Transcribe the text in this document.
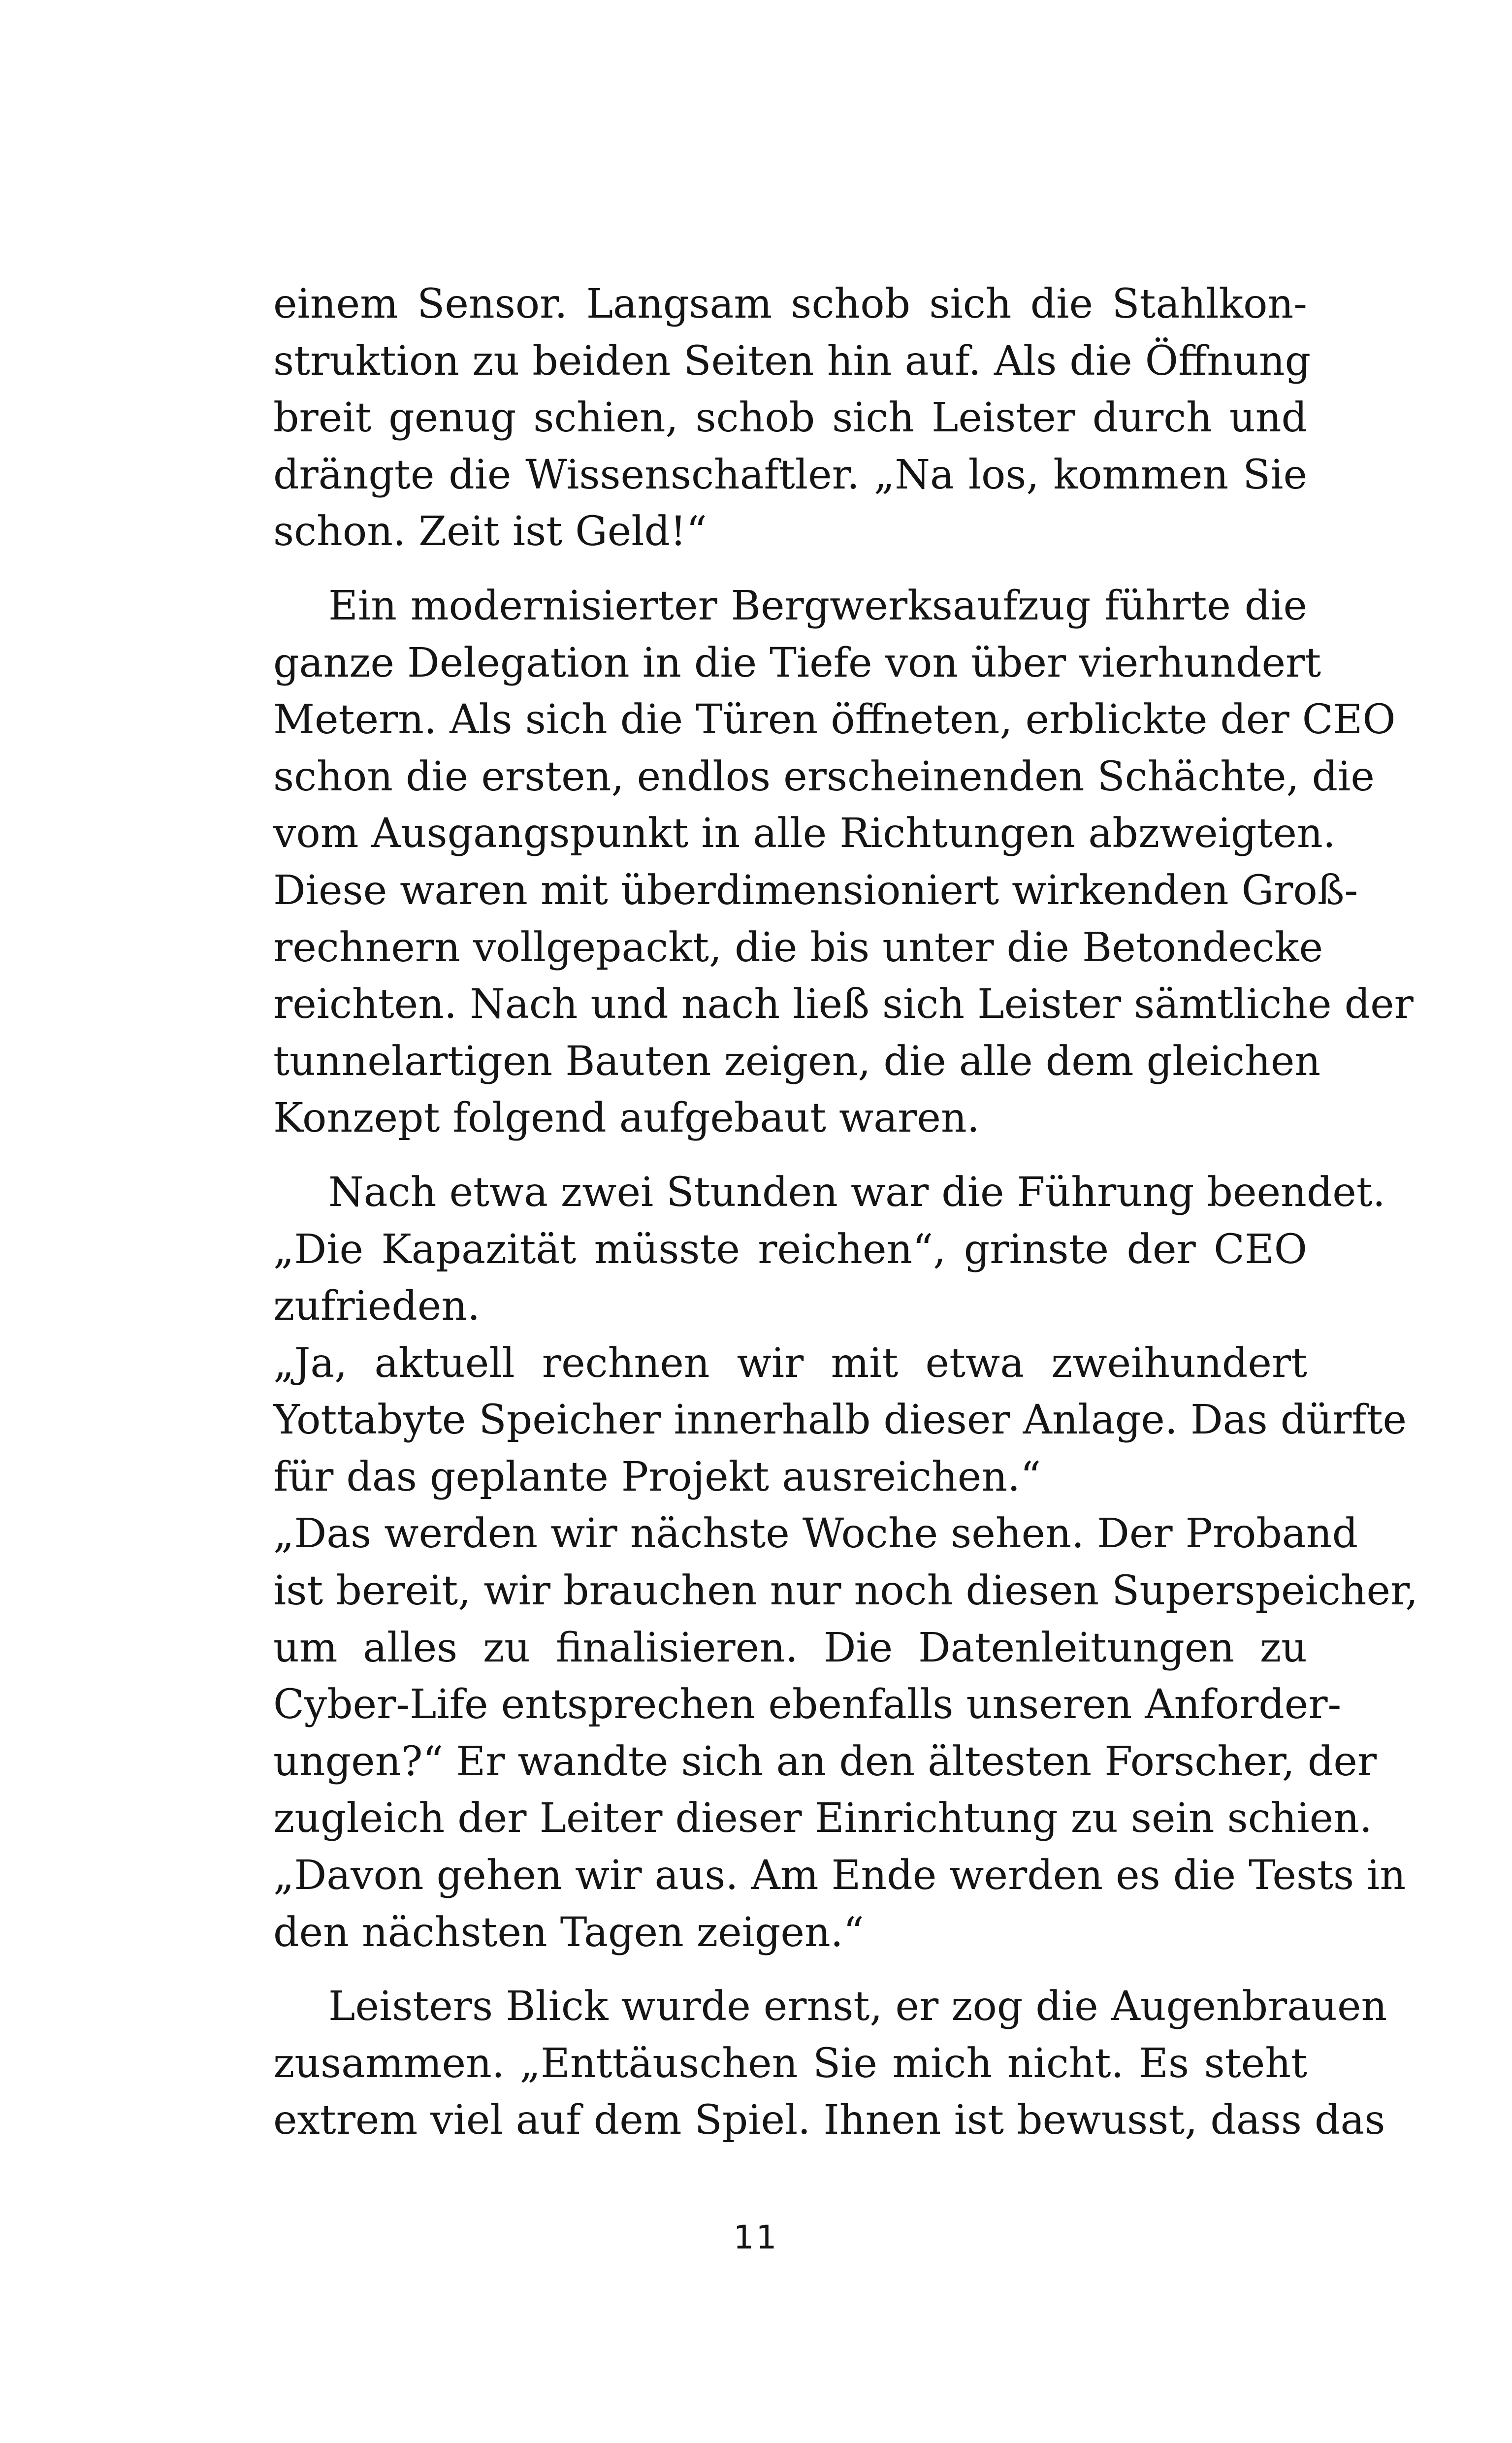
einem Sensor. Langsam schob sich die Stahlkon-
struktion zu beiden Seiten hin auf. Als die Öffnung
breit genug schien, schob sich Leister durch und
drängte die Wissenschaftler. „Na los, kommen Sie
schon. Zeit ist Geld!“
Ein modernisierter Bergwerksaufzug führte die
ganze Delegation in die Tiefe von über vierhundert
Metern. Als sich die Türen öffneten, erblickte der CEO
schon die ersten, endlos erscheinenden Schächte, die
vom Ausgangspunkt in alle Richtungen abzweigten.
Diese waren mit überdimensioniert wirkenden Groß-
rechnern vollgepackt, die bis unter die Betondecke
reichten. Nach und nach ließ sich Leister sämtliche der
tunnelartigen Bauten zeigen, die alle dem gleichen
Konzept folgend aufgebaut waren.
Nach etwa zwei Stunden war die Führung beendet.
„Die Kapazität müsste reichen“, grinste der CEO
zufrieden.
„Ja, aktuell rechnen wir mit etwa zweihundert
Yottabyte Speicher innerhalb dieser Anlage. Das dürfte
für das geplante Projekt ausreichen.“
„Das werden wir nächste Woche sehen. Der Proband
ist bereit, wir brauchen nur noch diesen Superspeicher,
um alles zu finalisieren. Die Datenleitungen zu
Cyber-Life entsprechen ebenfalls unseren Anforder-
ungen?“ Er wandte sich an den ältesten Forscher, der
zugleich der Leiter dieser Einrichtung zu sein schien.
„Davon gehen wir aus. Am Ende werden es die Tests in
den nächsten Tagen zeigen.“
Leisters Blick wurde ernst, er zog die Augenbrauen
zusammen. „Enttäuschen Sie mich nicht. Es steht
extrem viel auf dem Spiel. Ihnen ist bewusst, dass das
11
